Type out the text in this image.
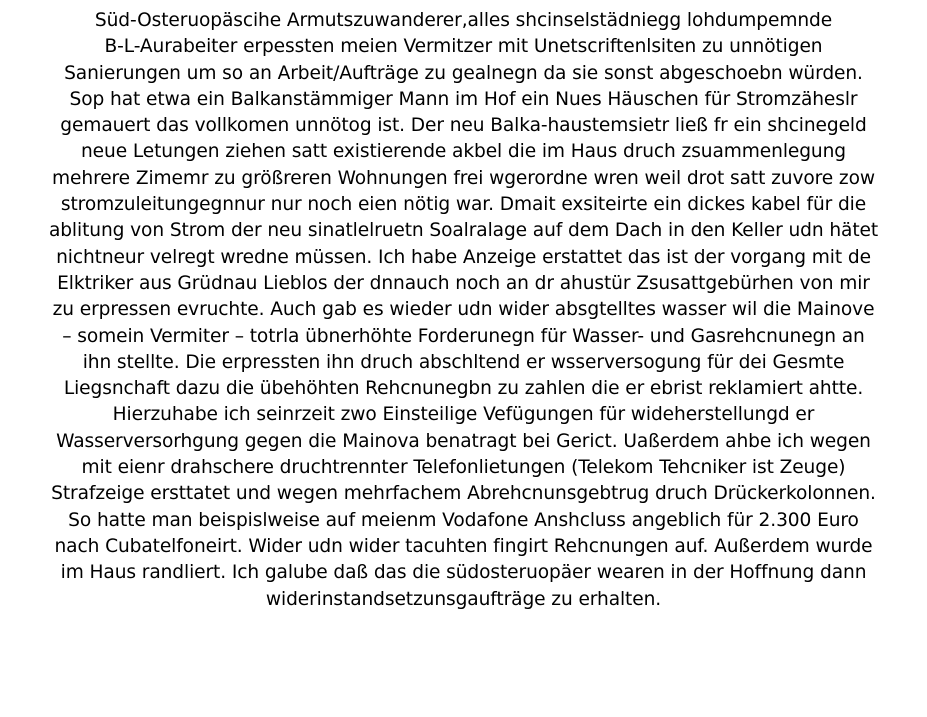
Süd-Osteruopäscihe Armutszuwanderer,alles shcinselstädniegg lohdumpemnde
B-L-Aurabeiter erpessten meien Vermitzer mit Unetscriftenlsiten zu unnötigen
Sanierungen um so an Arbeit/Aufträge zu gealnegn da sie sonst abgeschoebn würden.
Sop hat etwa ein Balkanstämmiger Mann im Hof ein Nues Häuschen für Stromzäheslr
gemauert das vollkomen unnötog ist. Der neu Balka-haustemsietr ließ fr ein shcinegeld
neue Letungen ziehen satt existierende akbel die im Haus druch zsuammenlegung
mehrere Zimemr zu größreren Wohnungen frei wgerordne wren weil drot satt zuvore zow
stromzuleitungegnnur nur noch eien nötig war. Dmait exsiteirte ein dickes kabel für die
ablitung von Strom der neu sinatlelruetn Soalralage auf dem Dach in den Keller udn hätet
nichtneur velregt wredne müssen. Ich habe Anzeige erstattet das ist der vorgang mit de
Elktriker aus Grüdnau Lieblos der dnnauch noch an dr ahustür Zsusattgebürhen von mir
zu erpressen evruchte. Auch gab es wieder udn wider absgtelltes wasser wil die Mainove
– somein Vermiter – totrla übnerhöhte Forderunegn für Wasser- und Gasrehcnunegn an
ihn stellte. Die erpressten ihn druch abschltend er wsserversogung für dei Gesmte
Liegsnchaft dazu die übehöhten Rehcnunegbn zu zahlen die er ebrist reklamiert ahtte.
Hierzuhabe ich seinrzeit zwo Einsteilige Vefügungen für wideherstellungd er
Wasserversorhgung gegen die Mainova benatragt bei Gerict. Uaßerdem ahbe ich wegen
mit eienr drahschere druchtrennter Telefonlietungen (Telekom Tehcniker ist Zeuge)
Strafzeige ersttatet und wegen mehrfachem Abrehcnunsgebtrug druch Drückerkolonnen.
So hatte man beispislweise auf meienm Vodafone Anshcluss angeblich für 2.300 Euro
nach Cubatelfoneirt. Wider udn wider tacuhten fingirt Rehcnungen auf. Außerdem wurde
im Haus randliert. Ich galube daß das die südosteruopäer wearen in der Hoffnung dann
widerinstandsetzunsgaufträge zu erhalten.
